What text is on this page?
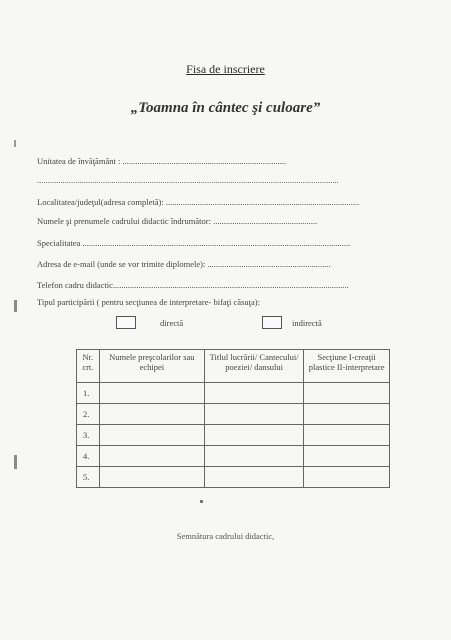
Fisa de inscriere
„Toamna în cântec şi culoare”
Unitatea de învăţământ : .............................................................................
..............................................................................................................................................
Localitatea/judeţul(adresa completă): ...........................................................................................
Numele şi prenumele cadrului didactic îndrumător: .................................................
Specialitatea ..............................................................................................................................
Adresa de e-mail (unde se vor trimite diplomele): ..........................................................
Telefon cadru didactic...............................................................................................................
Tipul participării ( pentru secţiunea de interpretare- bifaţi căsuţa):
directă	indirectă
Nr. crt.	Numele preşcolarilor sau echipei	Titlul lucrării/ Cantecului/ poeziei/ dansului	Secţiune I-creaţii plastice II-interpretare
1.			
2.			
3.			
4.			
5.			
Semnătura cadrului didactic,
